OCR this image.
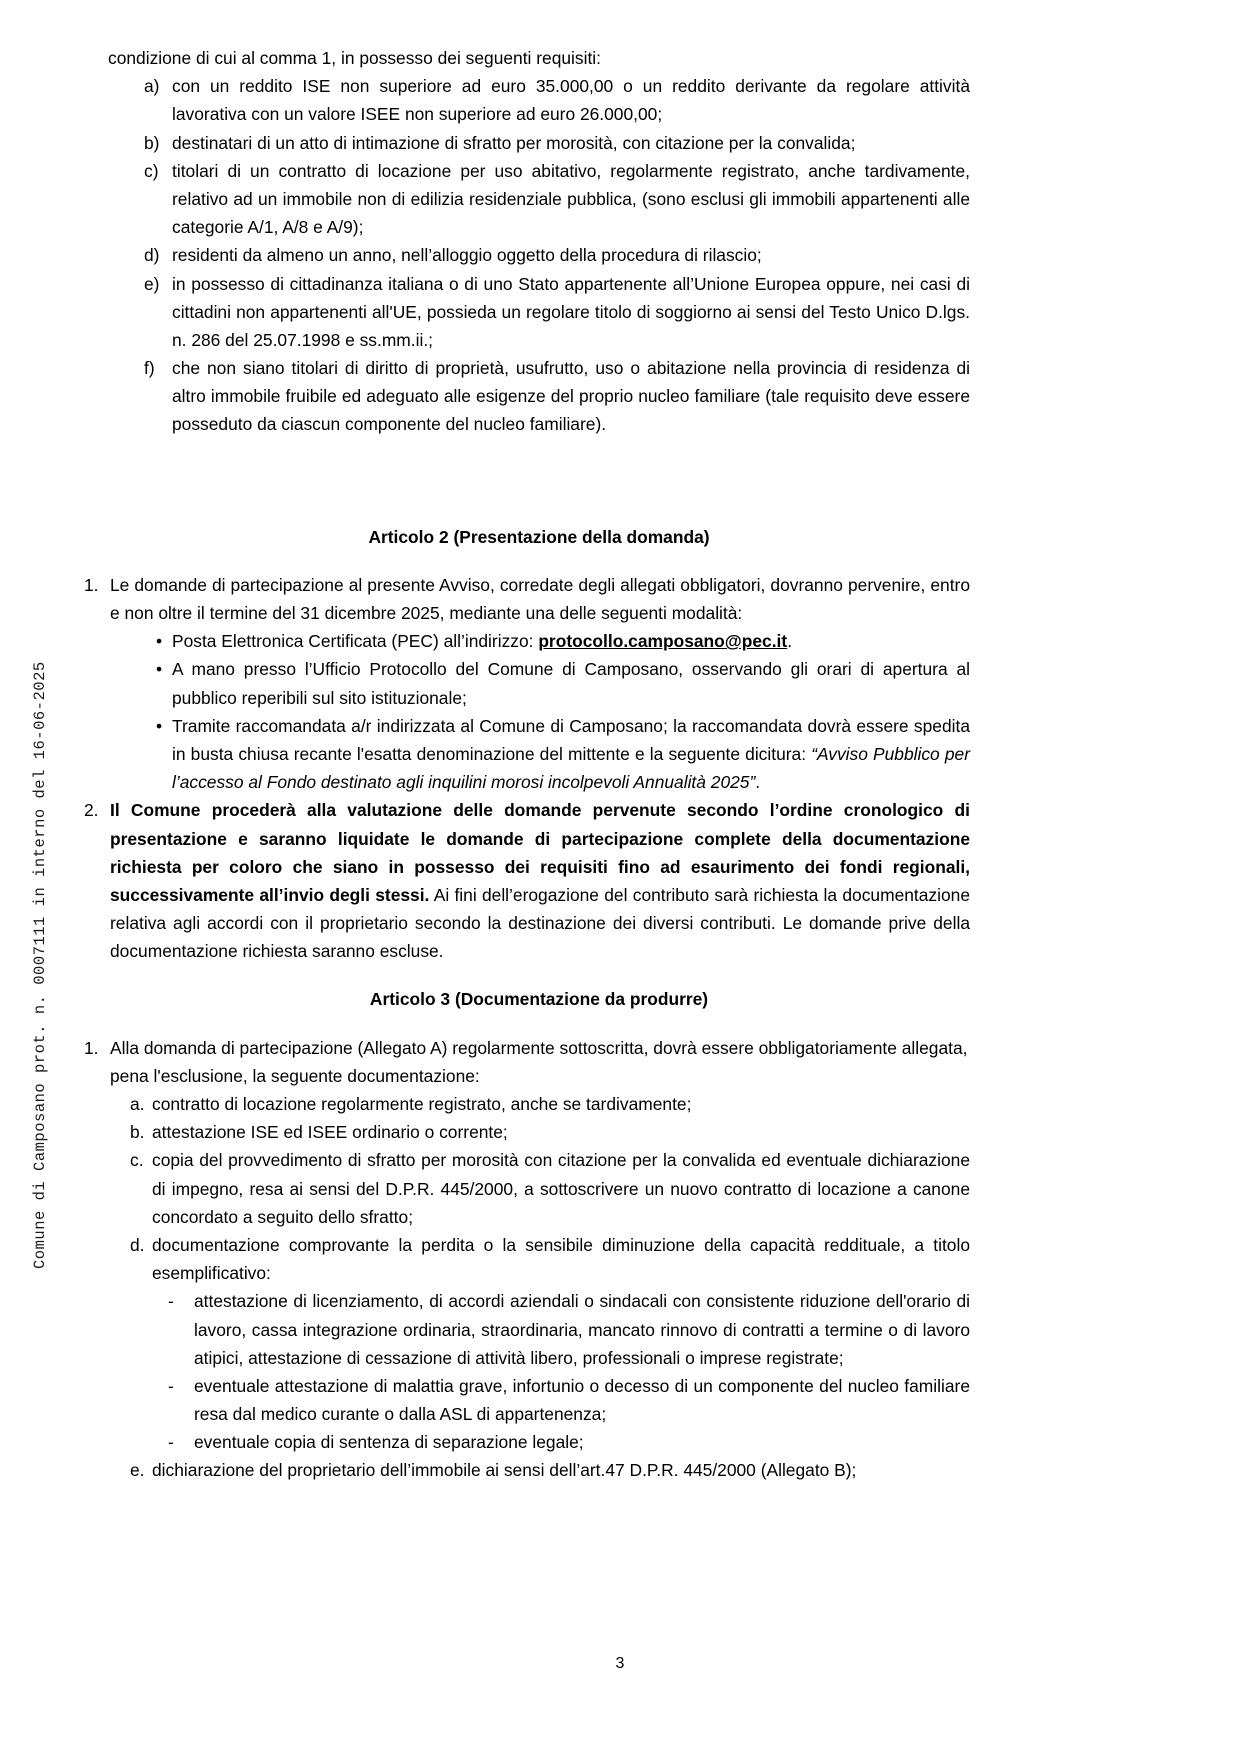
Comune di Camposano prot. n. 0007111 in interno del 16-06-2025

condizione di cui al comma 1, in possesso dei seguenti requisiti:

a) con un reddito ISE non superiore ad euro 35.000,00 o un reddito derivante da regolare attività lavorativa con un valore ISEE non superiore ad euro 26.000,00;
b) destinatari di un atto di intimazione di sfratto per morosità, con citazione per la convalida;
c) titolari di un contratto di locazione per uso abitativo, regolarmente registrato, anche tardivamente, relativo ad un immobile non di edilizia residenziale pubblica, (sono esclusi gli immobili appartenenti alle categorie A/1, A/8 e A/9);
d) residenti da almeno un anno, nell’alloggio oggetto della procedura di rilascio;
e) in possesso di cittadinanza italiana o di uno Stato appartenente all’Unione Europea oppure, nei casi di cittadini non appartenenti all'UE, possieda un regolare titolo di soggiorno ai sensi del Testo Unico D.lgs. n. 286 del 25.07.1998 e ss.mm.ii.;
f) che non siano titolari di diritto di proprietà, usufrutto, uso o abitazione nella provincia di residenza di altro immobile fruibile ed adeguato alle esigenze del proprio nucleo familiare (tale requisito deve essere posseduto da ciascun componente del nucleo familiare).
Articolo 2 (Presentazione della domanda)
1. Le domande di partecipazione al presente Avviso, corredate degli allegati obbligatori, dovranno pervenire, entro e non oltre il termine del 31 dicembre 2025, mediante una delle seguenti modalità:
• Posta Elettronica Certificata (PEC) all’indirizzo: protocollo.camposano@pec.it.
• A mano presso l’Ufficio Protocollo del Comune di Camposano, osservando gli orari di apertura al pubblico reperibili sul sito istituzionale;
• Tramite raccomandata a/r indirizzata al Comune di Camposano; la raccomandata dovrà essere spedita in busta chiusa recante l'esatta denominazione del mittente e la seguente dicitura: “Avviso Pubblico per l’accesso al Fondo destinato agli inquilini morosi incolpevoli Annualità 2025”.
2. Il Comune procederà alla valutazione delle domande pervenute secondo l’ordine cronologico di presentazione e saranno liquidate le domande di partecipazione complete della documentazione richiesta per coloro che siano in possesso dei requisiti fino ad esaurimento dei fondi regionali, successivamente all’invio degli stessi. Ai fini dell’erogazione del contributo sarà richiesta la documentazione relativa agli accordi con il proprietario secondo la destinazione dei diversi contributi. Le domande prive della documentazione richiesta saranno escluse.
Articolo 3 (Documentazione da produrre)
1. Alla domanda di partecipazione (Allegato A) regolarmente sottoscritta, dovrà essere obbligatoriamente allegata, pena l'esclusione, la seguente documentazione:
a. contratto di locazione regolarmente registrato, anche se tardivamente;
b. attestazione ISE ed ISEE ordinario o corrente;
c. copia del provvedimento di sfratto per morosità con citazione per la convalida ed eventuale dichiarazione di impegno, resa ai sensi del D.P.R. 445/2000, a sottoscrivere un nuovo contratto di locazione a canone concordato a seguito dello sfratto;
d. documentazione comprovante la perdita o la sensibile diminuzione della capacità reddituale, a titolo esemplificativo:
-	attestazione di licenziamento, di accordi aziendali o sindacali con consistente riduzione dell'orario di lavoro, cassa integrazione ordinaria, straordinaria, mancato rinnovo di contratti a termine o di lavoro atipici, attestazione di cessazione di attività libero, professionali o imprese registrate;
-	eventuale attestazione di malattia grave, infortunio o decesso di un componente del nucleo familiare resa dal medico curante o dalla ASL di appartenenza;
-	eventuale copia di sentenza di separazione legale;
e. dichiarazione del proprietario dell’immobile ai sensi dell’art.47 D.P.R. 445/2000 (Allegato B);
3
